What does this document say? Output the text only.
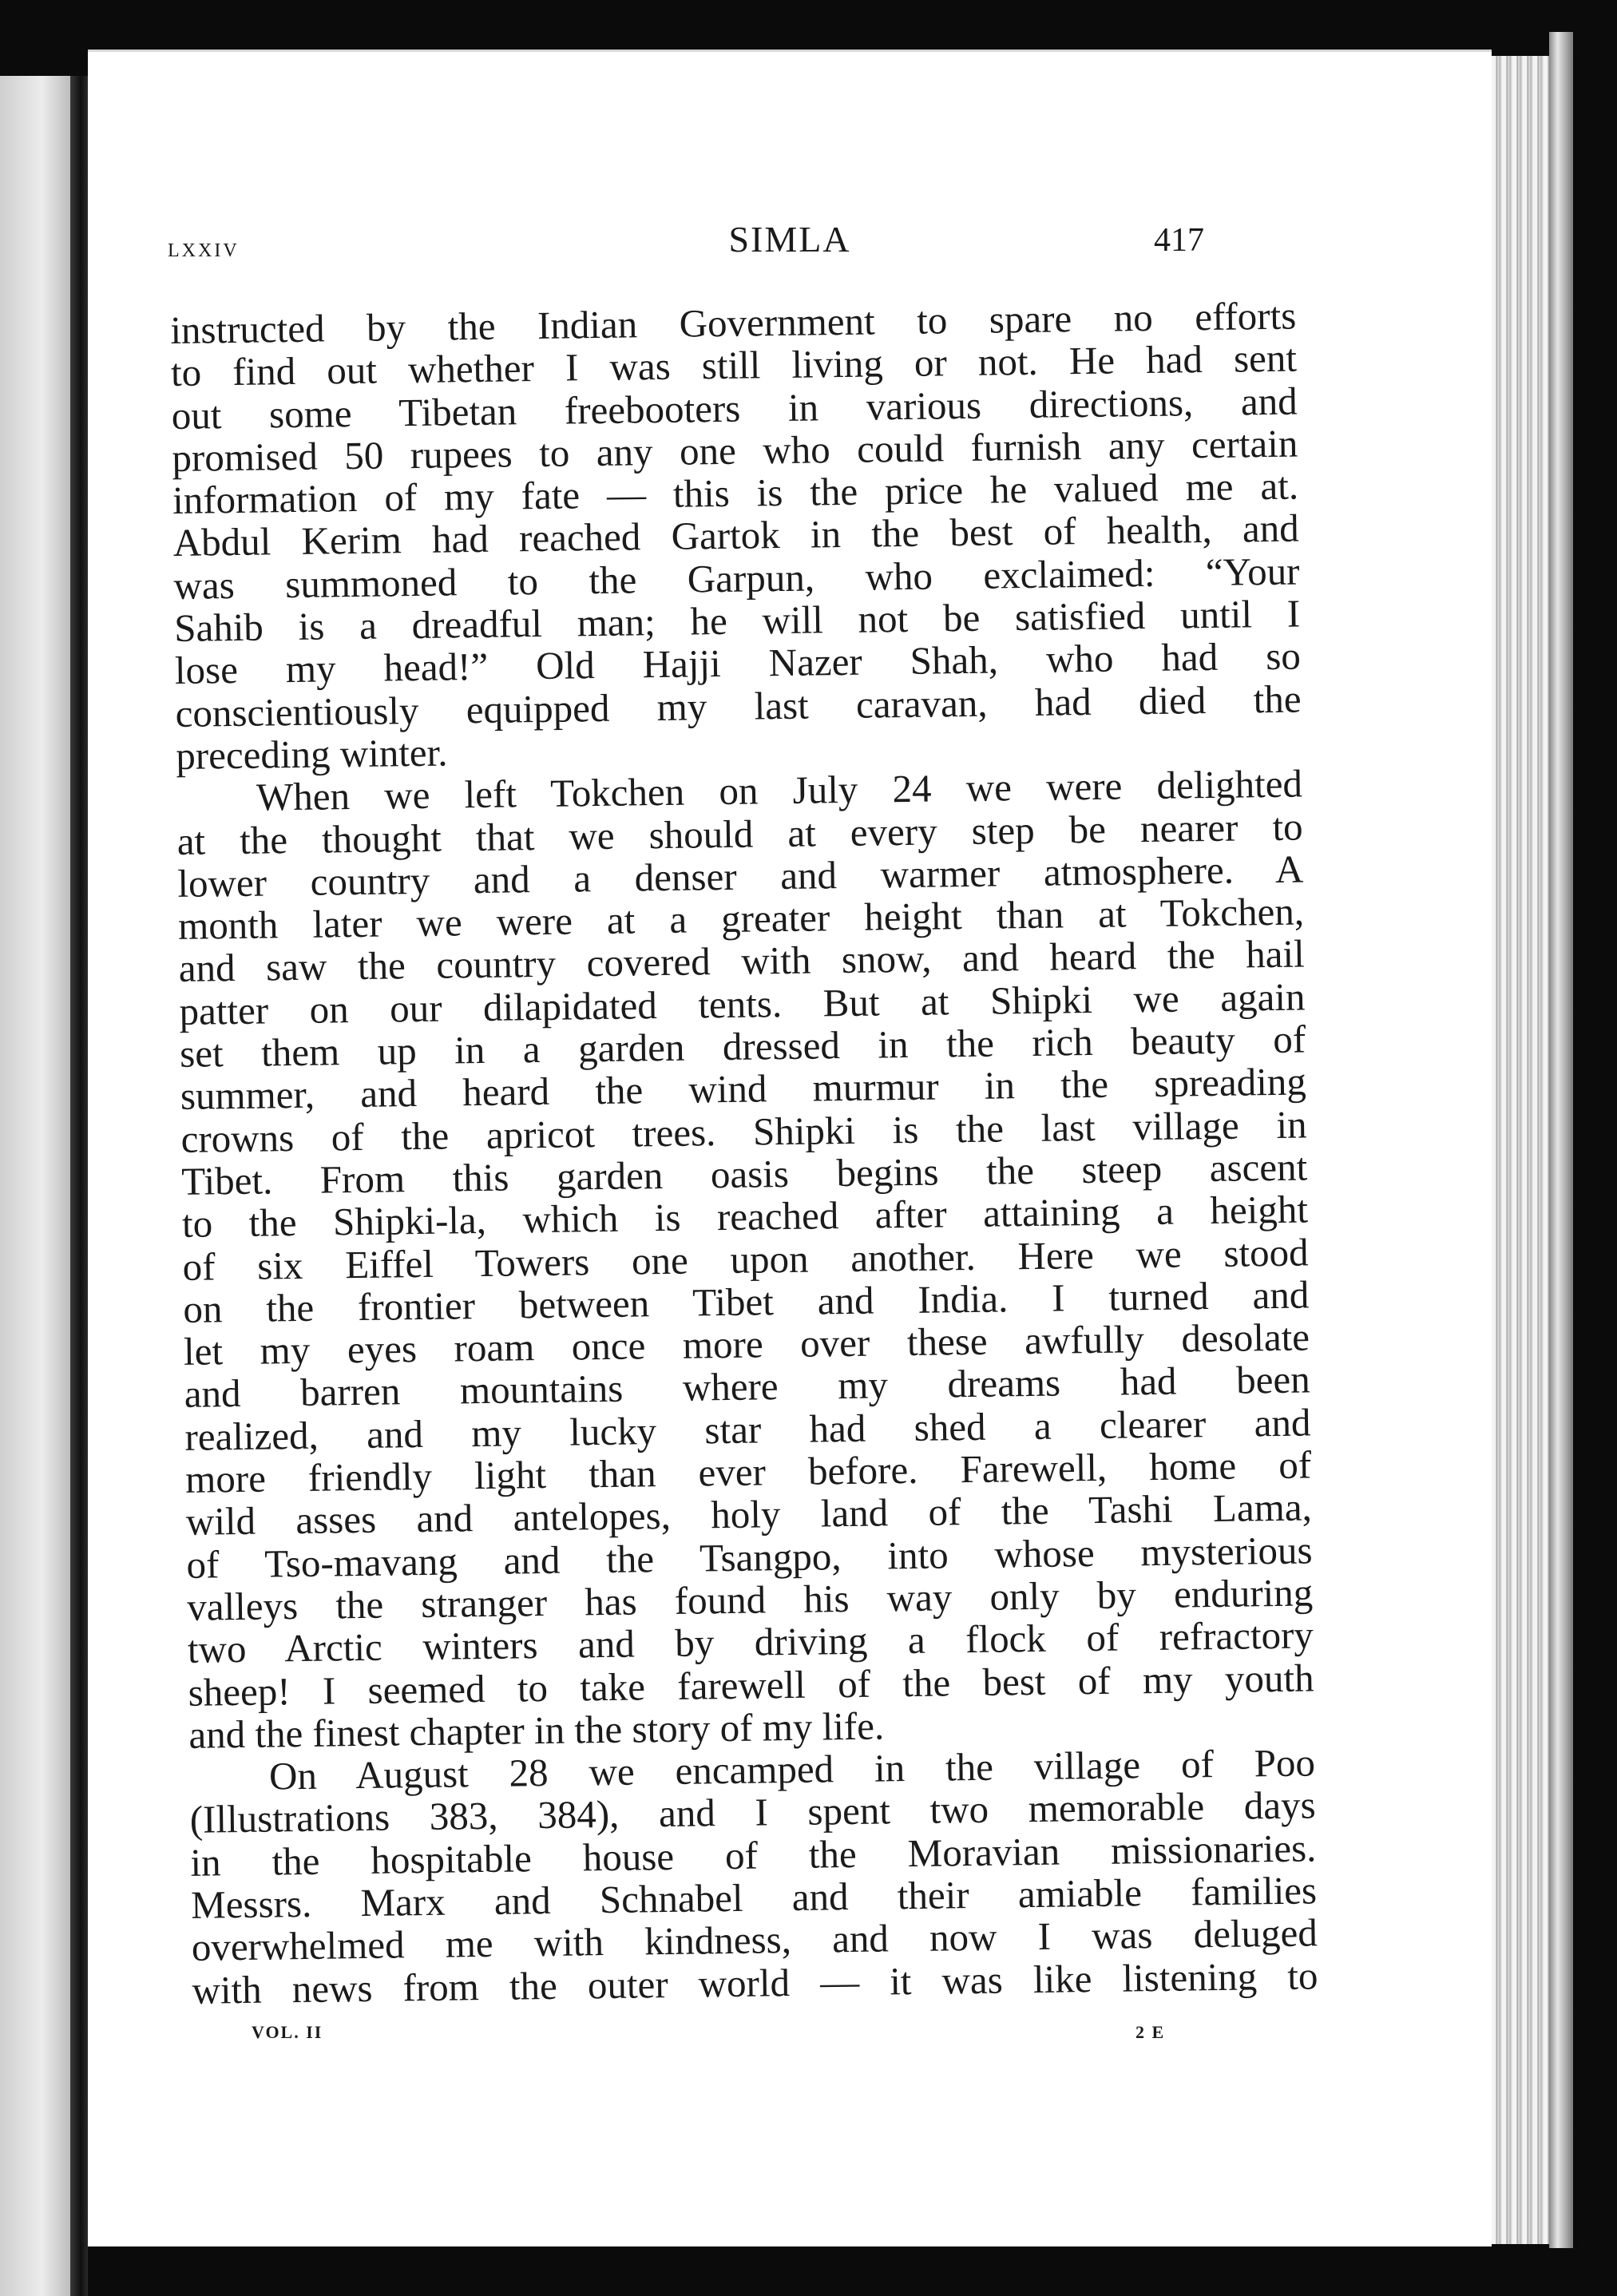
LXXIV	SIMLA	417
instructed by the Indian Government to spare no efforts
to find out whether I was still living or not. He had sent
out some Tibetan freebooters in various directions, and
promised 50 rupees to any one who could furnish any certain
information of my fate — this is the price he valued me at.
Abdul Kerim had reached Gartok in the best of health, and
was summoned to the Garpun, who exclaimed: “Your
Sahib is a dreadful man; he will not be satisfied until I
lose my head!” Old Hajji Nazer Shah, who had so
conscientiously equipped my last caravan, had died the
preceding winter.
When we left Tokchen on July 24 we were delighted
at the thought that we should at every step be nearer to
lower country and a denser and warmer atmosphere. A
month later we were at a greater height than at Tokchen,
and saw the country covered with snow, and heard the hail
patter on our dilapidated tents. But at Shipki we again
set them up in a garden dressed in the rich beauty of
summer, and heard the wind murmur in the spreading
crowns of the apricot trees. Shipki is the last village in
Tibet. From this garden oasis begins the steep ascent
to the Shipki-la, which is reached after attaining a height
of six Eiffel Towers one upon another. Here we stood
on the frontier between Tibet and India. I turned and
let my eyes roam once more over these awfully desolate
and barren mountains where my dreams had been
realized, and my lucky star had shed a clearer and
more friendly light than ever before. Farewell, home of
wild asses and antelopes, holy land of the Tashi Lama,
of Tso-mavang and the Tsangpo, into whose mysterious
valleys the stranger has found his way only by enduring
two Arctic winters and by driving a flock of refractory
sheep! I seemed to take farewell of the best of my youth
and the finest chapter in the story of my life.
On August 28 we encamped in the village of Poo
(Illustrations 383, 384), and I spent two memorable days
in the hospitable house of the Moravian missionaries.
Messrs. Marx and Schnabel and their amiable families
overwhelmed me with kindness, and now I was deluged
with news from the outer world — it was like listening to
VOL. II	2 E
